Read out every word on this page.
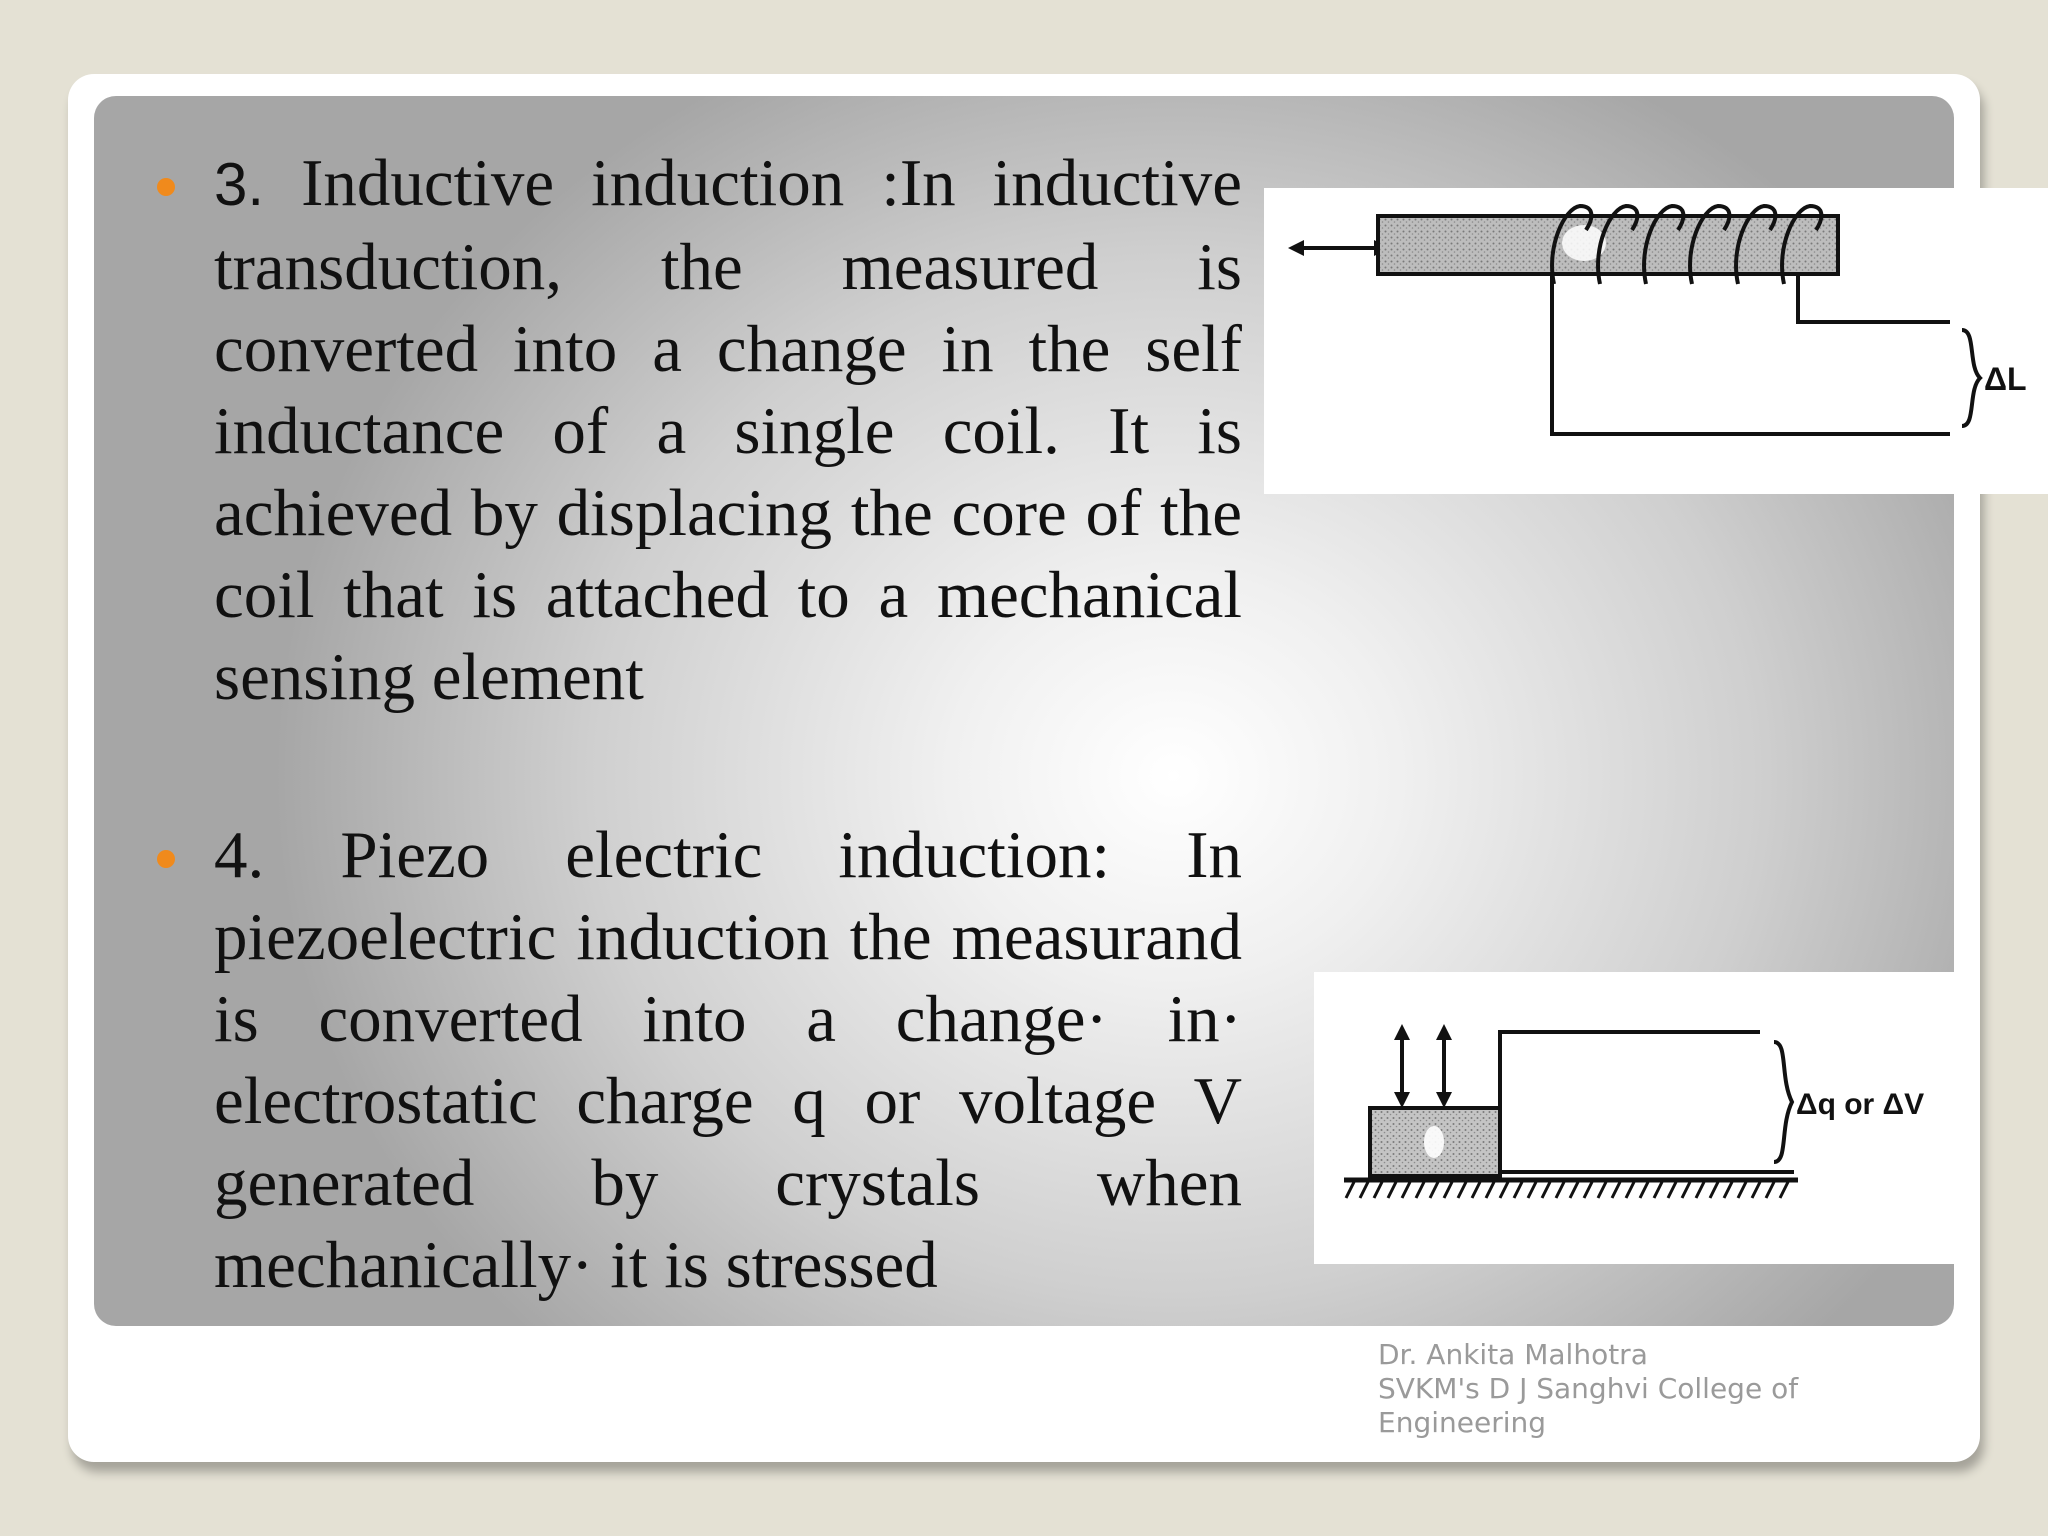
3. Inductive induction :In inductive transduction, the measured is converted into a change in the self inductance of a single coil. It is achieved by displacing the core of the coil that is attached to a mechanical sensing element
4. Piezo electric induction: In piezoelectric induction the measurand is converted into a change· in· electrostatic charge q or voltage V generated by crystals when mechanically· it is stressed
ΔL
Δq or ΔV
Dr. Ankita Malhotra
SVKM's D J Sanghvi College of
Engineering
